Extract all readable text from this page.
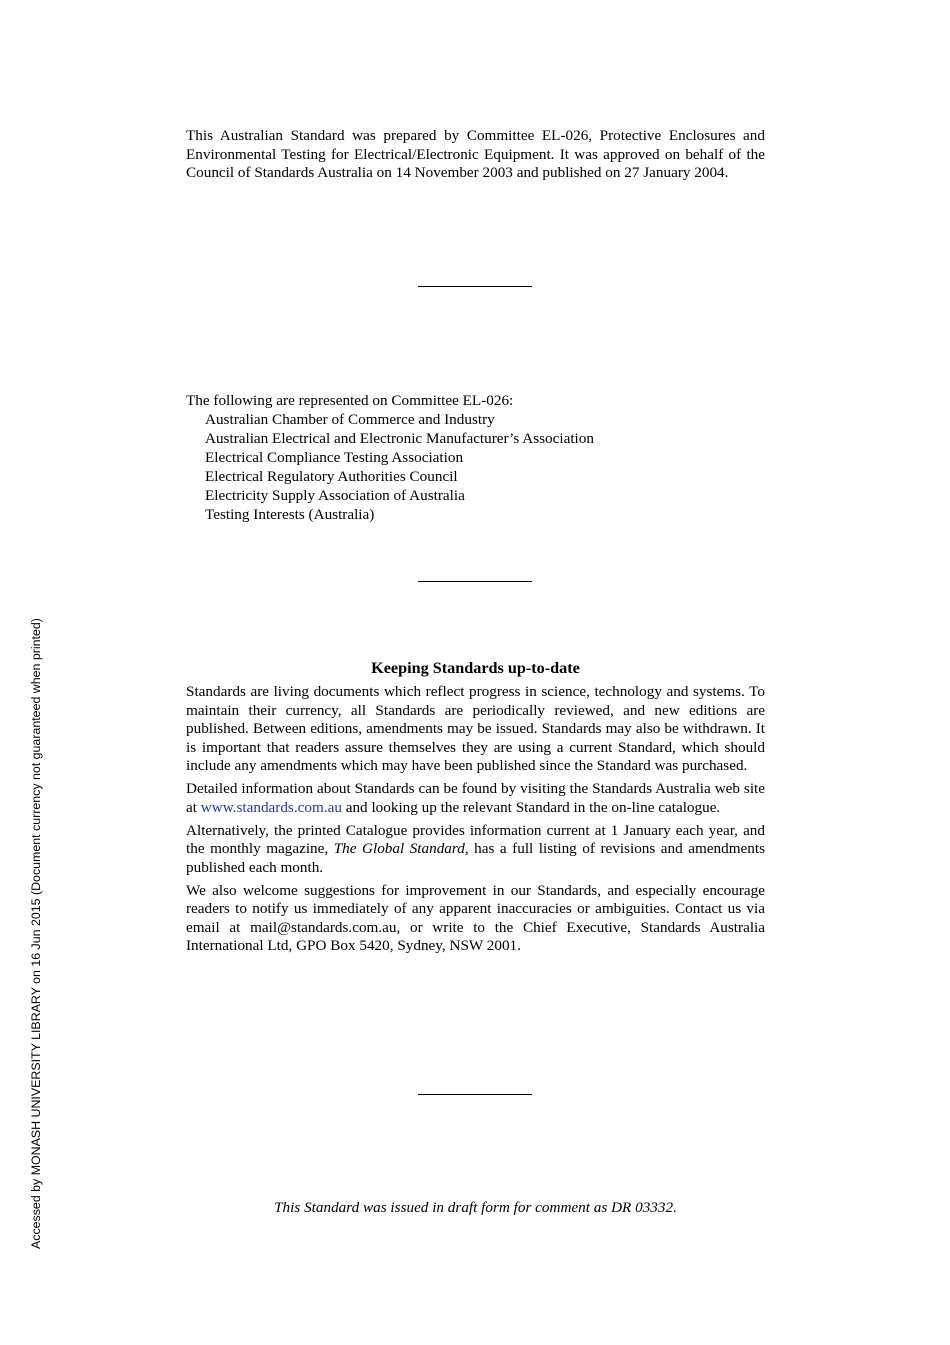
Accessed by MONASH UNIVERSITY LIBRARY on 16 Jun 2015 (Document currency not guaranteed when printed)

This Australian Standard was prepared by Committee EL-026, Protective Enclosures and Environmental Testing for Electrical/Electronic Equipment. It was approved on behalf of the Council of Standards Australia on 14 November 2003 and published on 27 January 2004.

The following are represented on Committee EL-026:
Australian Chamber of Commerce and Industry
Australian Electrical and Electronic Manufacturer’s Association
Electrical Compliance Testing Association
Electrical Regulatory Authorities Council
Electricity Supply Association of Australia
Testing Interests (Australia)
Keeping Standards up-to-date

Standards are living documents which reflect progress in science, technology and systems. To maintain their currency, all Standards are periodically reviewed, and new editions are published. Between editions, amendments may be issued. Standards may also be withdrawn. It is important that readers assure themselves they are using a current Standard, which should include any amendments which may have been published since the Standard was purchased.

Detailed information about Standards can be found by visiting the Standards Australia web site at www.standards.com.au and looking up the relevant Standard in the on-line catalogue.

Alternatively, the printed Catalogue provides information current at 1 January each year, and the monthly magazine, The Global Standard, has a full listing of revisions and amendments published each month.

We also welcome suggestions for improvement in our Standards, and especially encourage readers to notify us immediately of any apparent inaccuracies or ambiguities. Contact us via email at mail@standards.com.au, or write to the Chief Executive, Standards Australia International Ltd, GPO Box 5420, Sydney, NSW 2001.

This Standard was issued in draft form for comment as DR 03332.
